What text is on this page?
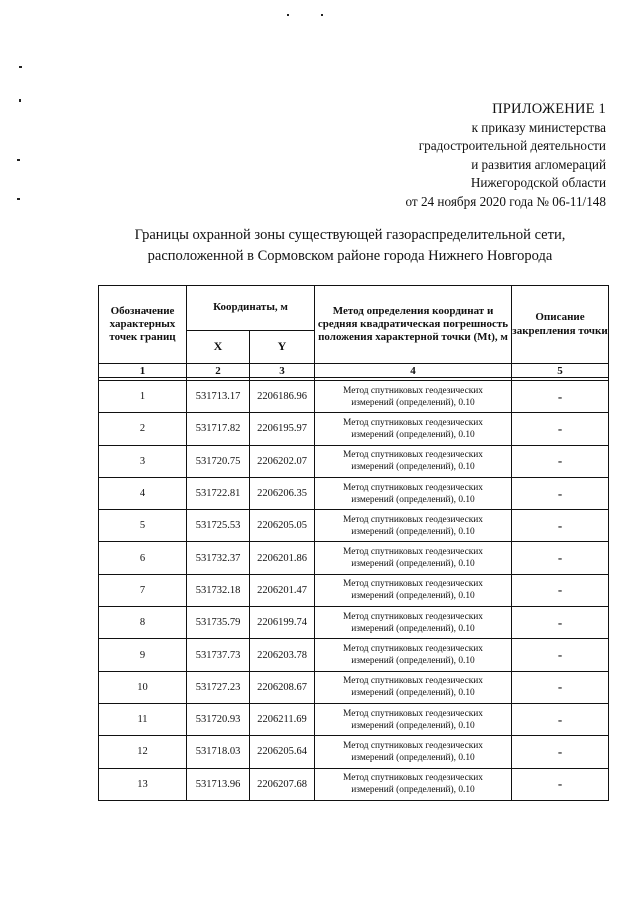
ПРИЛОЖЕНИЕ 1
к приказу министерства
градостроительной деятельности
и развития агломераций
Нижегородской области
от 24 ноября 2020 года № 06-11/148
Границы охранной зоны существующей газораспределительной сети,
расположенной в Сормовском районе города Нижнего Новгорода
Обозначение характерных точек границ	Координаты, м		Метод определения координат и средняя квадратическая погрешность положения характерной точки (Mt), м	Описание закрепления точки
	X	Y		
1	2	3	4	5

1	531713.17	2206186.96	Метод спутниковых геодезических измерений (определений), 0.10	-
2	531717.82	2206195.97	Метод спутниковых геодезических измерений (определений), 0.10	-
3	531720.75	2206202.07	Метод спутниковых геодезических измерений (определений), 0.10	-
4	531722.81	2206206.35	Метод спутниковых геодезических измерений (определений), 0.10	-
5	531725.53	2206205.05	Метод спутниковых геодезических измерений (определений), 0.10	-
6	531732.37	2206201.86	Метод спутниковых геодезических измерений (определений), 0.10	-
7	531732.18	2206201.47	Метод спутниковых геодезических измерений (определений), 0.10	-
8	531735.79	2206199.74	Метод спутниковых геодезических измерений (определений), 0.10	-
9	531737.73	2206203.78	Метод спутниковых геодезических измерений (определений), 0.10	-
10	531727.23	2206208.67	Метод спутниковых геодезических измерений (определений), 0.10	-
11	531720.93	2206211.69	Метод спутниковых геодезических измерений (определений), 0.10	-
12	531718.03	2206205.64	Метод спутниковых геодезических измерений (определений), 0.10	-
13	531713.96	2206207.68	Метод спутниковых геодезических измерений (определений), 0.10	-
